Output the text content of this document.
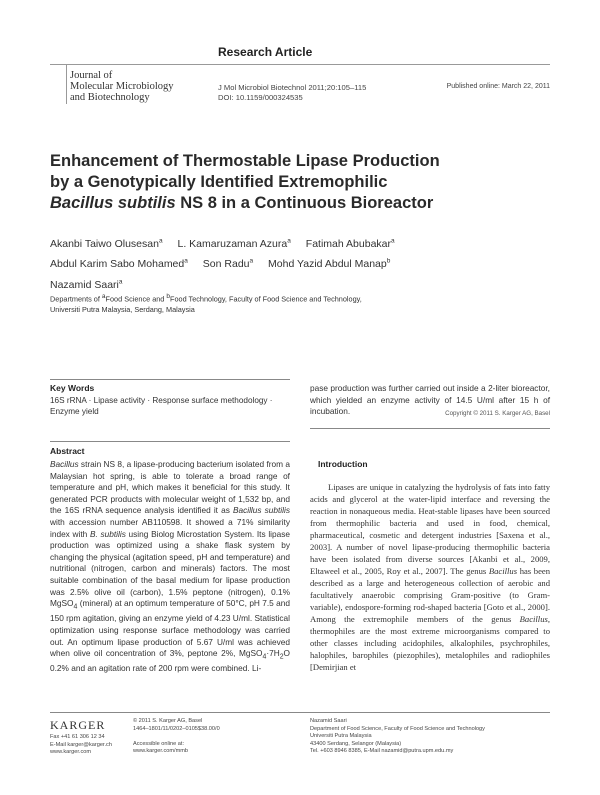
Research Article
Journal of
Molecular Microbiology
and Biotechnology
J Mol Microbiol Biotechnol 2011;20:105–115
DOI: 10.1159/000324535
Published online: March 22, 2011
Enhancement of Thermostable Lipase Production
by a Genotypically Identified Extremophilic
Bacillus subtilis NS 8 in a Continuous Bioreactor
Akanbi Taiwo Olusesan$^a$ L. Kamaruzaman Azura$^a$ Fatimah Abubakar$^a$
Abdul Karim Sabo Mohamed$^a$ Son Radu$^a$ Mohd Yazid Abdul Manap$^b$
Nazamid Saari$^a$
Departments of $^a$Food Science and $^b$Food Technology, Faculty of Food Science and Technology,
Universiti Putra Malaysia, Serdang, Malaysia
Key Words
16S rRNA · Lipase activity · Response surface methodology · Enzyme yield
Abstract
Bacillus strain NS 8, a lipase-producing bacterium isolated from a Malaysian hot spring, is able to tolerate a broad range of temperature and pH, which makes it beneficial for this study. It generated PCR products with molecular weight of 1,532 bp, and the 16S rRNA sequence analysis identified it as Bacillus subtilis with accession number AB110598. It showed a 71% similarity index with B. subtilis using Biolog Microstation System. Its lipase production was optimized using a shake flask system by changing the physical (agitation speed, pH and temperature) and nutritional (nitrogen, carbon and minerals) factors. The most suitable combination of the basal medium for lipase production was 2.5% olive oil (carbon), 1.5% peptone (nitrogen), 0.1% MgSO$_4$ (mineral) at an optimum temperature of 50°C, pH 7.5 and 150 rpm agitation, giving an enzyme yield of 4.23 U/ml. Statistical optimization using response surface methodology was carried out. An optimum lipase production of 5.67 U/ml was achieved when olive oil concentration of 3%, peptone 2%, $MgSO_4\cdot 7H_2O$ 0.2% and an agitation rate of 200 rpm were combined. Li-
pase production was further carried out inside a 2-liter bioreactor, which yielded an enzyme activity of 14.5 U/ml after 15 h of incubation.	Copyright © 2011 S. Karger AG, Basel
Introduction

Lipases are unique in catalyzing the hydrolysis of fats into fatty acids and glycerol at the water-lipid interface and reversing the reaction in nonaqueous media. Heat-stable lipases have been sourced from thermophilic bacteria and used in food, chemical, pharmaceutical, cosmetic and detergent industries [Saxena et al., 2003]. A number of novel lipase-producing thermophilic bacteria have been isolated from diverse sources [Akanbi et al., 2009, Eltaweel et al., 2005, Roy et al., 2007]. The genus Bacillus has been described as a large and heterogeneous collection of aerobic and facultatively anaerobic comprising Gram-positive (to Gram-variable), endospore-forming rod-shaped bacteria [Goto et al., 2000]. Among the extremophile members of the genus Bacillus, thermophiles are the most extreme microorganisms compared to other classes including acidophiles, alkalophiles, psychrophiles, halophiles, barophiles (piezophiles), metalophiles and radiophiles [Demirjian et

KARGER
Fax +41 61 306 12 34
E-Mail karger@karger.ch
www.karger.com
© 2011 S. Karger AG, Basel
1464–1801/11/0202–0105$38.00/0
Accessible online at:
www.karger.com/mmb
Nazamid Saari
Department of Food Science, Faculty of Food Science and Technology
Universiti Putra Malaysia
43400 Serdang, Selangor (Malaysia)
Tel. +603 8946 8385, E-Mail nazamid@putra.upm.edu.my
